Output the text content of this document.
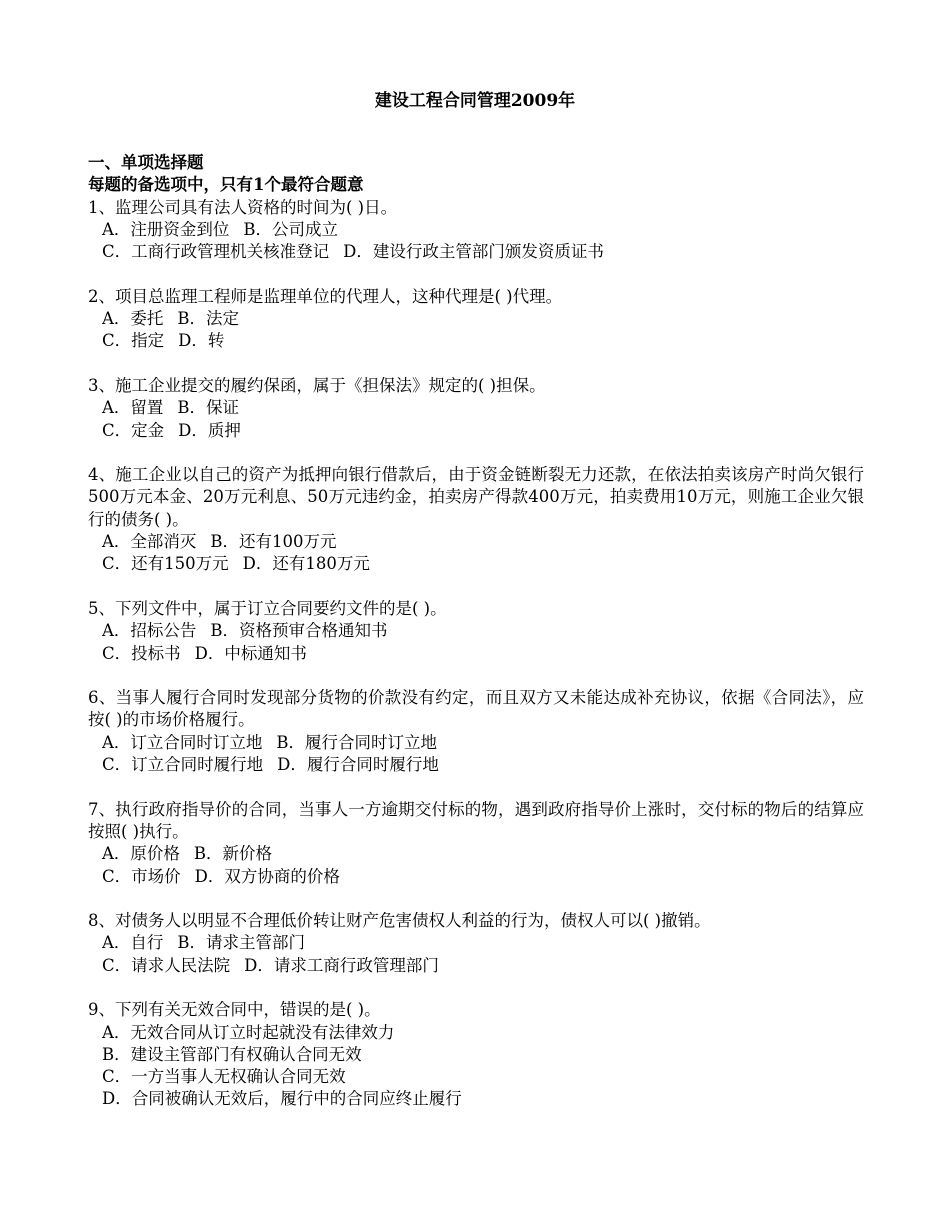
建设工程合同管理2009年
一、单项选择题
每题的备选项中，只有1个最符合题意
1、监理公司具有法人资格的时间为( )日。
A．注册资金到位 B．公司成立
C．工商行政管理机关核准登记 D．建设行政主管部门颁发资质证书
2、项目总监理工程师是监理单位的代理人，这种代理是( )代理。
A．委托 B．法定
C．指定 D．转
3、施工企业提交的履约保函，属于《担保法》规定的( )担保。
A．留置 B．保证
C．定金 D．质押
4、施工企业以自己的资产为抵押向银行借款后，由于资金链断裂无力还款，在依法拍卖该房产时尚欠银行500万元本金、20万元利息、50万元违约金，拍卖房产得款400万元，拍卖费用10万元，则施工企业欠银行的债务( )。
A．全部消灭 B．还有100万元
C．还有150万元 D．还有180万元
5、下列文件中，属于订立合同要约文件的是( )。
A．招标公告 B．资格预审合格通知书
C．投标书 D．中标通知书
6、当事人履行合同时发现部分货物的价款没有约定，而且双方又未能达成补充协议，依据《合同法》，应按( )的市场价格履行。
A．订立合同时订立地 B．履行合同时订立地
C．订立合同时履行地 D．履行合同时履行地
7、执行政府指导价的合同，当事人一方逾期交付标的物，遇到政府指导价上涨时，交付标的物后的结算应按照( )执行。
A．原价格 B．新价格
C．市场价 D．双方协商的价格
8、对债务人以明显不合理低价转让财产危害债权人利益的行为，债权人可以( )撤销。
A．自行 B．请求主管部门
C．请求人民法院 D．请求工商行政管理部门
9、下列有关无效合同中，错误的是( )。
A．无效合同从订立时起就没有法律效力
B．建设主管部门有权确认合同无效
C．一方当事人无权确认合同无效
D．合同被确认无效后，履行中的合同应终止履行
